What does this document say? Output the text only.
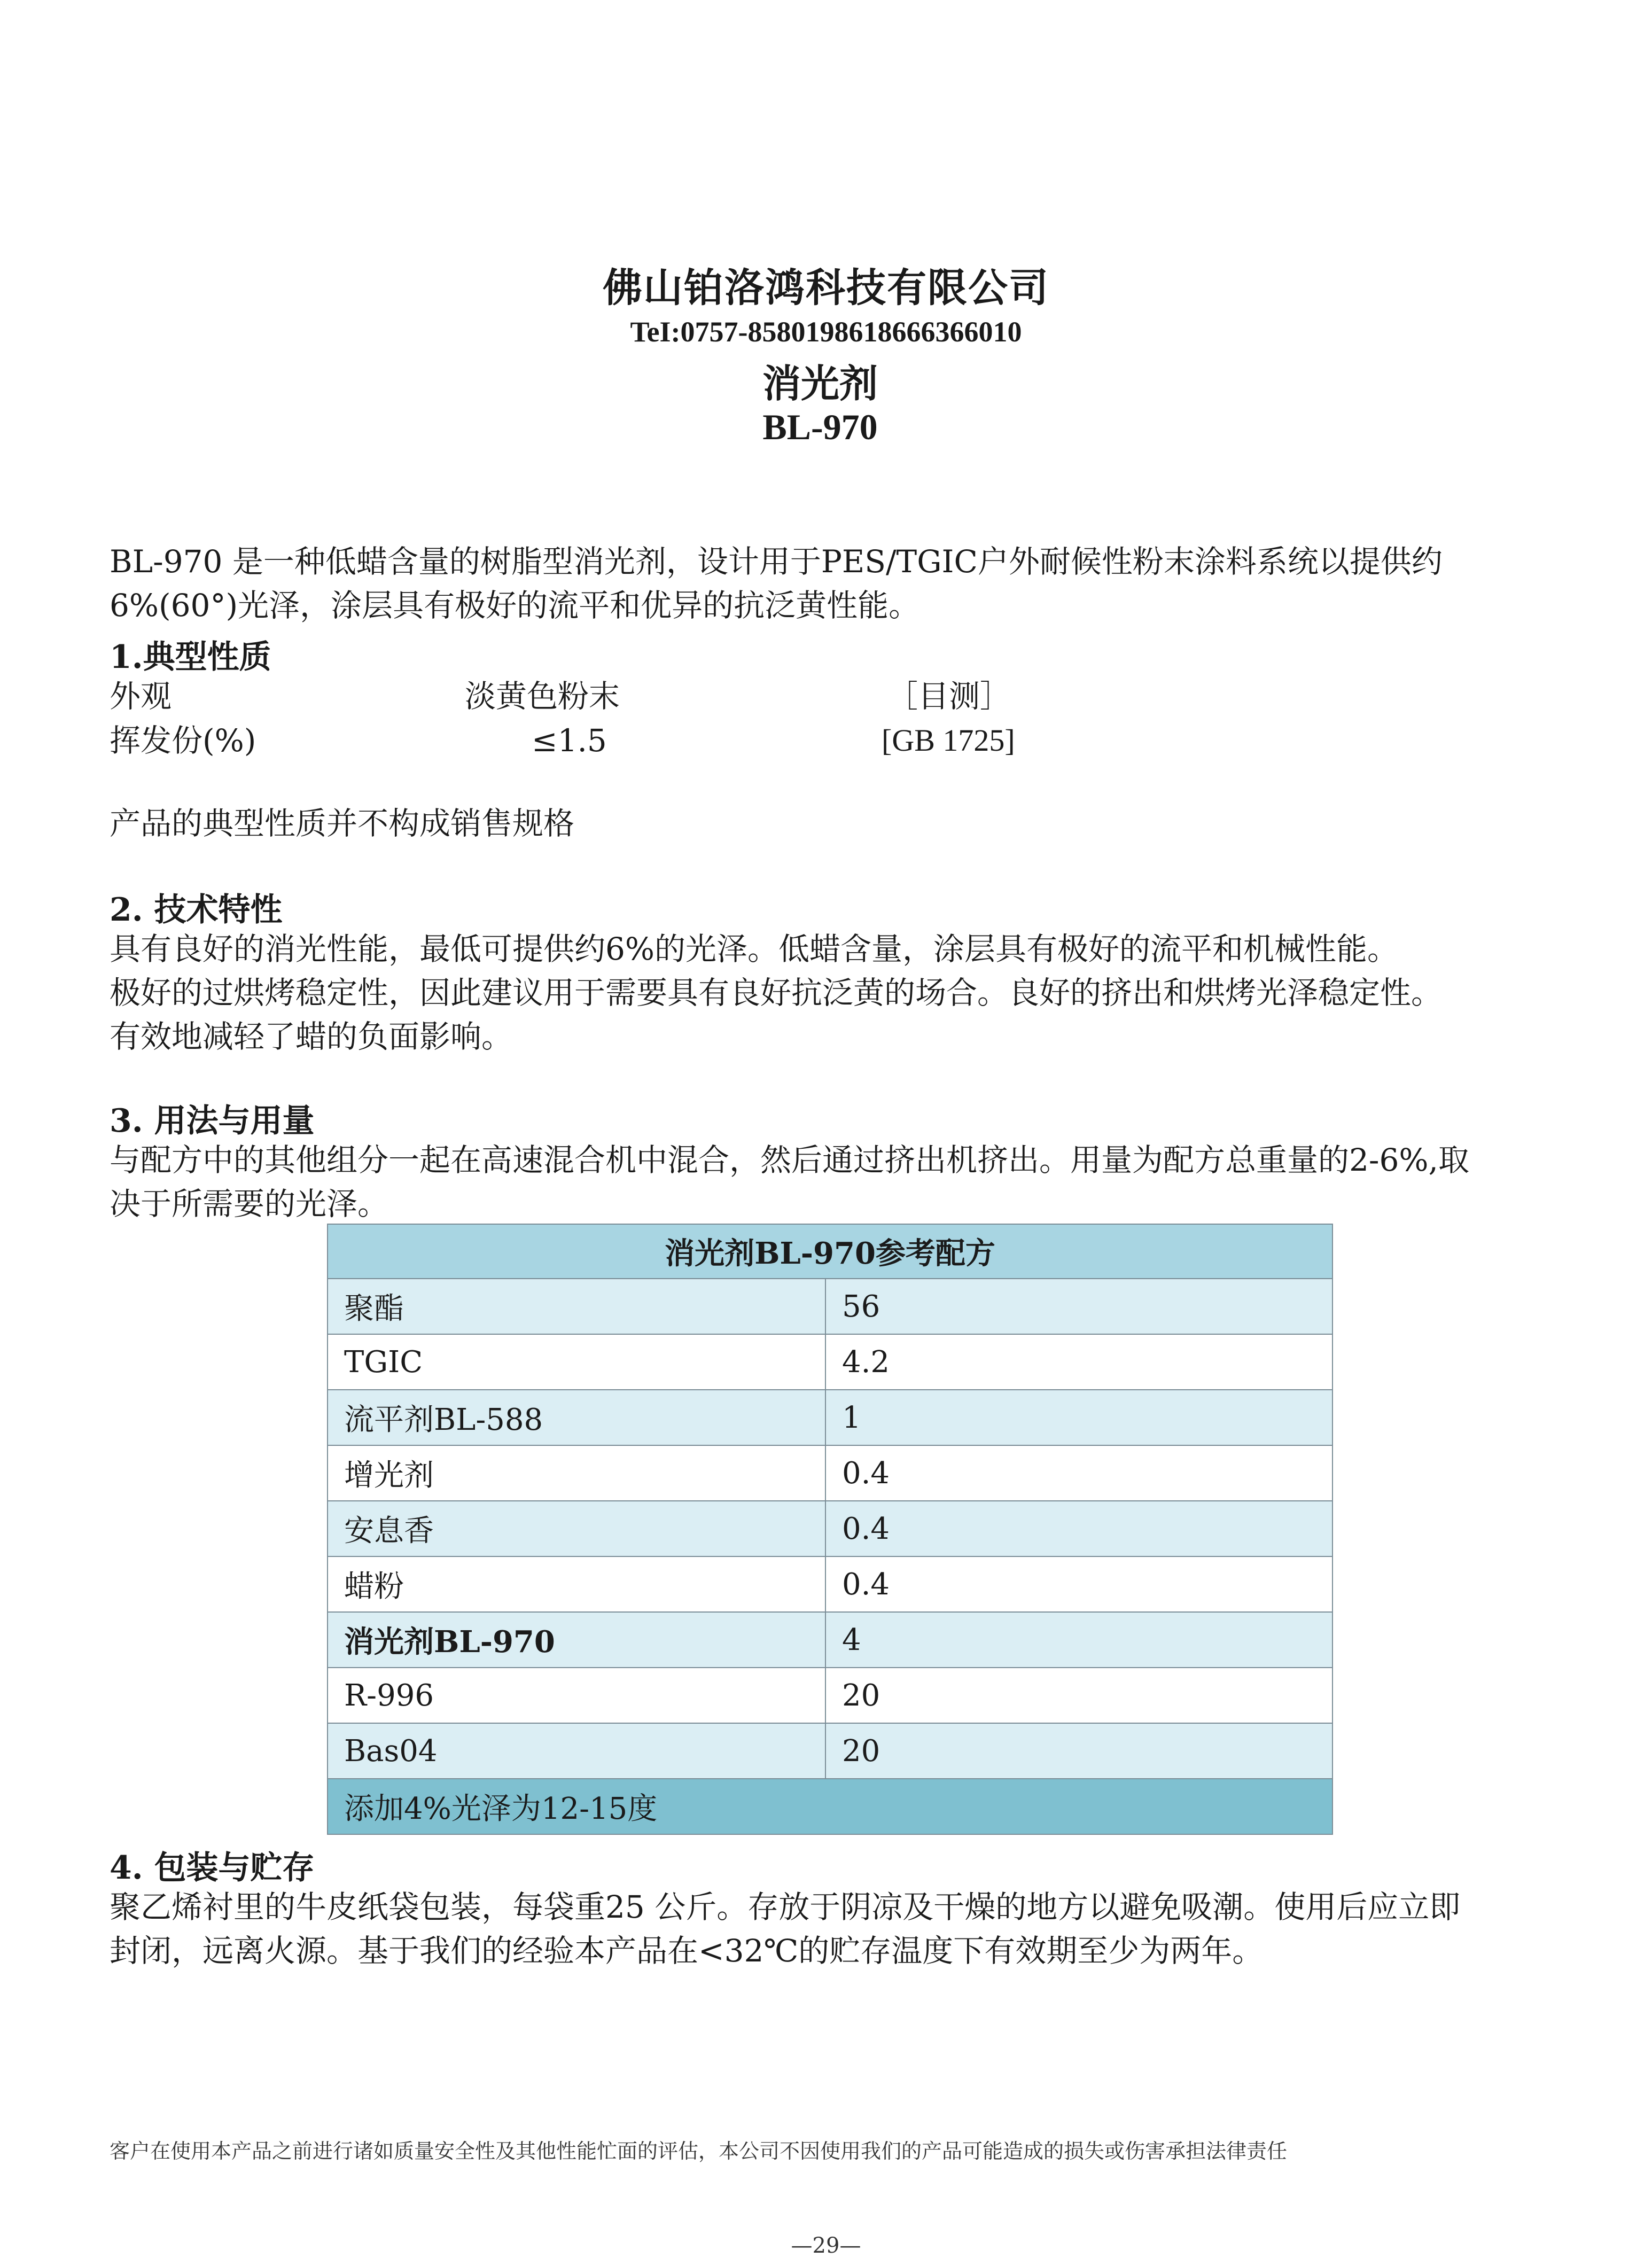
佛山铂洛鸿科技有限公司
TeI:0757-8580198618666366010
消光剂
BL-970
BL-970 是一种低蜡含量的树脂型消光剂，设计用于PES/TGIC户外耐候性粉末涂料系统以提供约
6%(60°)光泽，涂层具有极好的流平和优异的抗泛黄性能。
1.典型性质
外观	淡黄色粉末	［目测］
挥发份(%)	≤1.5	[GB 1725]
产品的典型性质并不构成销售规格
2. 技术特性
具有良好的消光性能，最低可提供约6%的光泽。低蜡含量，涂层具有极好的流平和机械性能。
极好的过烘烤稳定性，因此建议用于需要具有良好抗泛黄的场合。良好的挤出和烘烤光泽稳定性。
有效地减轻了蜡的负面影响。
3. 用法与用量
与配方中的其他组分一起在高速混合机中混合，然后通过挤出机挤出。用量为配方总重量的2-6%,取
决于所需要的光泽。
消光剂BL-970参考配方	
聚酯	56
TGIC	4.2
流平剂BL-588	1
增光剂	0.4
安息香	0.4
蜡粉	0.4
消光剂BL-970	4
R-996	20
Bas04	20
添加4%光泽为12-15度	
4. 包装与贮存
聚乙烯衬里的牛皮纸袋包装，每袋重25 公斤。存放于阴凉及干燥的地方以避免吸潮。使用后应立即
封闭，远离火源。基于我们的经验本产品在<32℃的贮存温度下有效期至少为两年。
客户在使用本产品之前进行诸如质量安全性及其他性能忙面的评估，本公司不因使用我们的产品可能造成的损失或伤害承担法律责任
—29—
